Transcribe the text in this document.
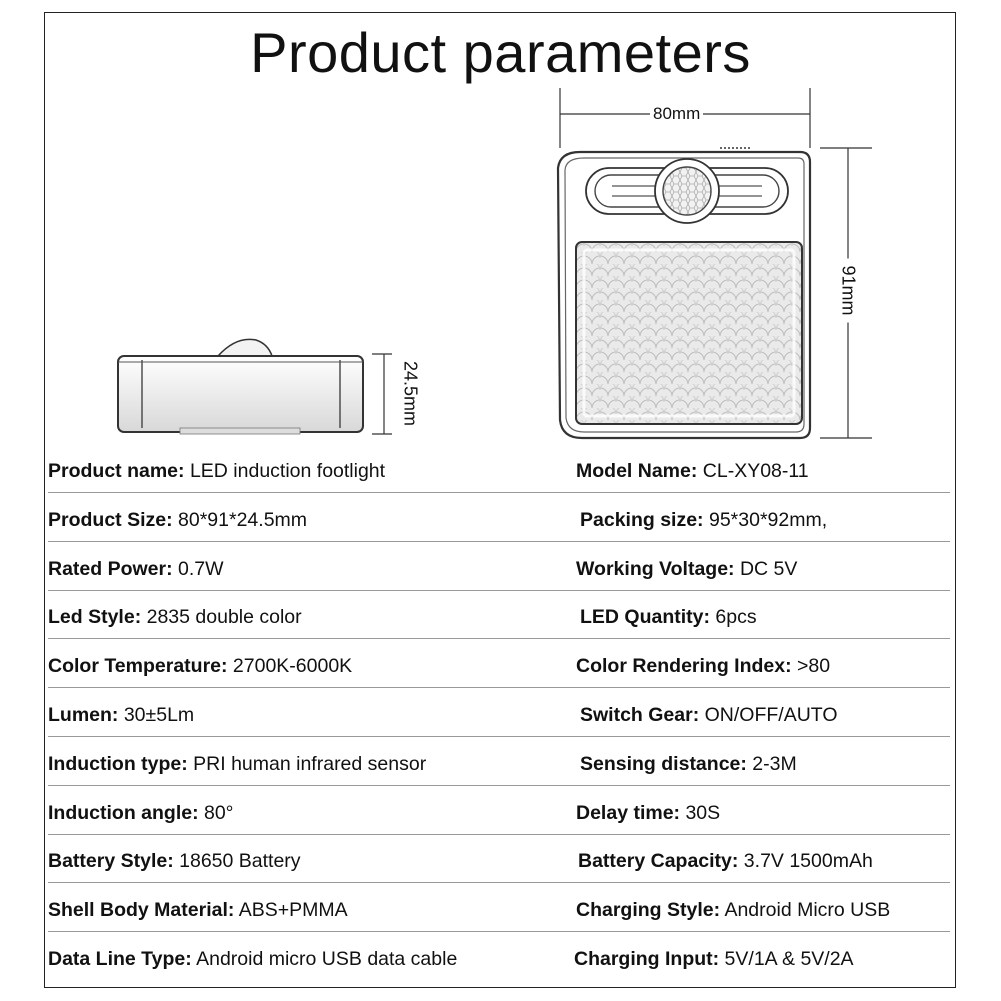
Product parameters
80mm
91mm
24.5mm
Product name: LED induction footlight	Model Name: CL-XY08-11
Product Size: 80*91*24.5mm	Packing size: 95*30*92mm,
Rated Power: 0.7W	Working Voltage: DC 5V
Led Style: 2835 double color	LED Quantity: 6pcs
Color Temperature: 2700K-6000K	Color Rendering Index: >80
Lumen: 30±5Lm	Switch Gear: ON/OFF/AUTO
Induction type: PRI human infrared sensor	Sensing distance: 2-3M
Induction angle: 80°	Delay time: 30S
Battery Style: 18650 Battery	Battery Capacity: 3.7V 1500mAh
Shell Body Material: ABS+PMMA	Charging Style: Android Micro USB
Data Line Type: Android micro USB data cable	Charging Input: 5V/1A & 5V/2A
